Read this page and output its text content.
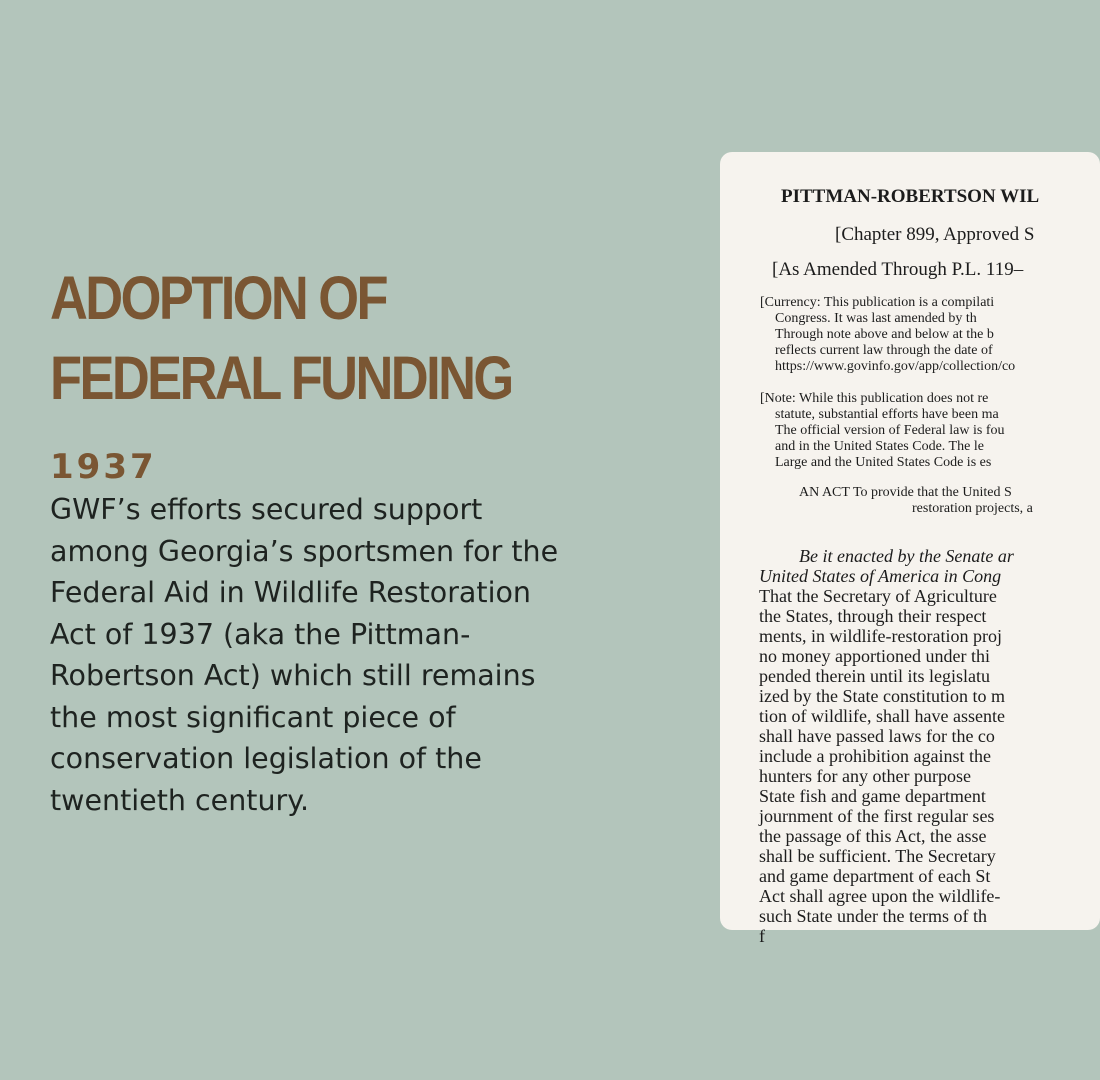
ADOPTION OF
FEDERAL FUNDING
1937

GWF’s efforts secured support
among Georgia’s sportsmen for the
Federal Aid in Wildlife Restoration
Act of 1937 (aka the Pittman-
Robertson Act) which still remains
the most significant piece of
conservation legislation of the
twentieth century.

PITTMAN-ROBERTSON WIL
[Chapter 899, Approved S
[As Amended Through P.L. 119–
[Currency: This publication is a compilati
Congress. It was last amended by th
Through note above and below at the b
reflects current law through the date of
https://www.govinfo.gov/app/collection/co
[Note: While this publication does not re
statute, substantial efforts have been ma
The official version of Federal law is fou
and in the United States Code. The le
Large and the United States Code is es
AN ACT To provide that the United S
restoration projects, a
Be it enacted by the Senate ar
United States of America in Cong
That the Secretary of Agriculture
the States, through their respect
ments, in wildlife-restoration proj
no money apportioned under thi
pended therein until its legislatu
ized by the State constitution to m
tion of wildlife, shall have assente
shall have passed laws for the co
include a prohibition against the
hunters for any other purpose
State fish and game department
journment of the first regular ses
the passage of this Act, the asse
shall be sufficient. The Secretary
and game department of each St
Act shall agree upon the wildlife-
such State under the terms of th
f
